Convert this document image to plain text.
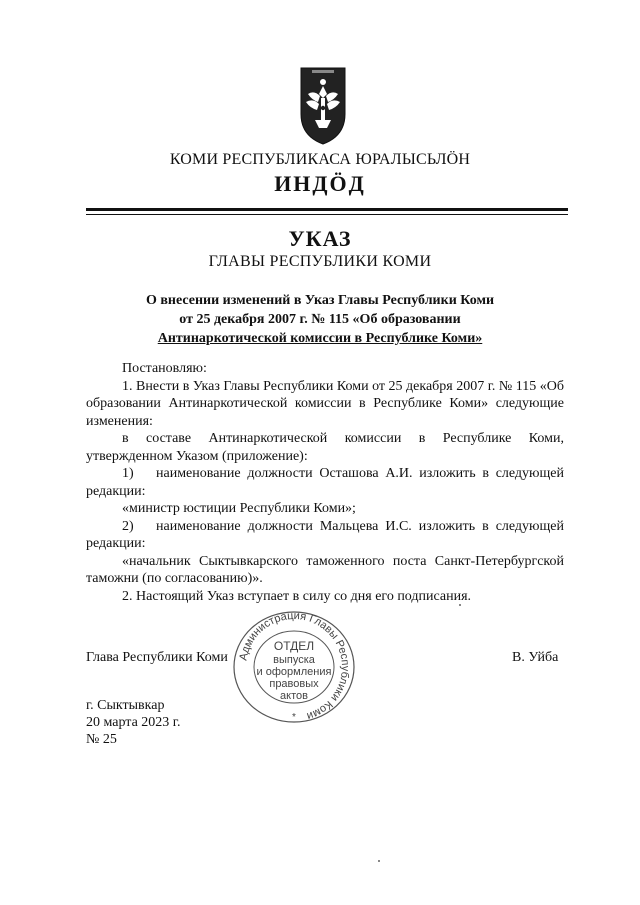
КОМИ РЕСПУБЛИКАСА ЮРАЛЫСЬЛӦН
ИНДӦД
УКАЗ
ГЛАВЫ РЕСПУБЛИКИ КОМИ
О внесении изменений в Указ Главы Республики Коми
от 25 декабря 2007 г. № 115 «Об образовании
Антинаркотической комиссии в Республике Коми»

Постановляю:

1. Внести в Указ Главы Республики Коми от 25 декабря 2007 г. № 115 «Об образовании Антинаркотической комиссии в Республике Коми» следующие изменения:

в составе Антинаркотической комиссии в Республике Коми, утвержденном Указом (приложение):

1) наименование должности Осташова А.И. изложить в следующей редакции:

«министр юстиции Республики Коми»;

2) наименование должности Мальцева И.С. изложить в следующей редакции:

«начальник Сыктывкарского таможенного поста Санкт-Петербургской таможни (по согласованию)».

2. Настоящий Указ вступает в силу со дня его подписания.

Глава Республики Коми	В. Уйба
Администрация Главы Республики Коми
ОТДЕЛ
выпуска
и оформления
правовых
актов
*
г. Сыктывкар
20 марта 2023 г.
№ 25
